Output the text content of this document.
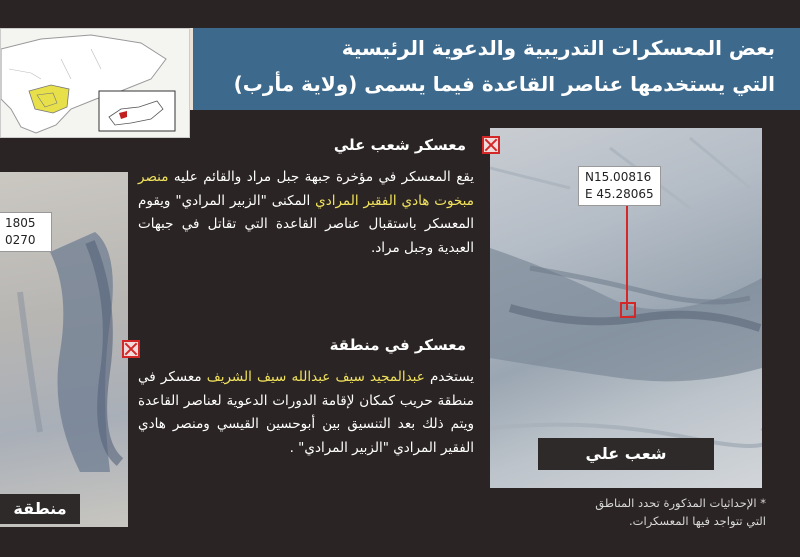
بعض المعسكرات التدريبية والدعوية الرئيسية
التي يستخدمها عناصر القاعدة فيما يسمى (ولاية مأرب)
N15.00816
E 45.28065
شعب علي
1805
0270
منطقة
معسكر شعب علي
يقع المعسكر في مؤخرة جبهة جبل مراد والقائم عليه منصر مبخوت هادي الفقير المرادي المكنى "الزبير المرادي" ويقوم المعسكر باستقبال عناصر القاعدة التي تقاتل في جبهات العبدية وجبل مراد.
معسكر في منطقة
يستخدم عبدالمجيد سيف عبدالله سيف الشريف معسكر في منطقة حريب كمكان لإقامة الدورات الدعوية لعناصر القاعدة ويتم ذلك بعد التنسيق بين أبوحسين القيسي ومنصر هادي الفقير المرادي "الزبير المرادي" .
* الإحداثيات المذكورة تحدد المناطق
التي تتواجد فيها المعسكرات.
